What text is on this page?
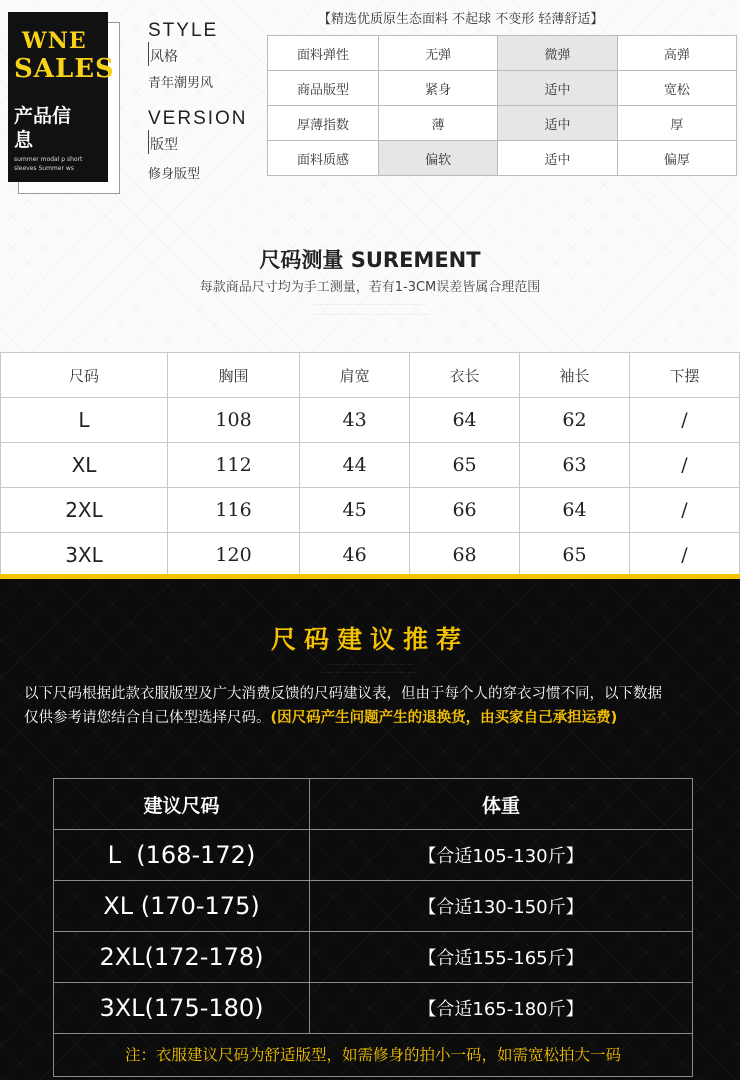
WNE
SALES
产品信息
summer modal p short sleeves Summer ws
STYLE
风格
青年潮男风
VERSION
版型
修身版型
【精选优质原生态面料 不起球 不变形 轻薄舒适】
面料弹性	无弹	微弹	高弹
商品版型	紧身	适中	宽松
厚薄指数	薄	适中	厚
面料质感	偏软	适中	偏厚
尺码测量 SUREMENT
每款商品尺寸均为手工测量，若有1-3CM误差皆属合理范围
· · · · · · · · · · · · · · · · · · · · · · · · · · · · · · · · · · · · · · · · · · · ·
· · · · · · · · · · · · · · · · · · · · · · · · · · · · · · · · · · · · · · · · · · · · · · · ·
尺码	胸围	肩宽	衣长	袖长	下摆
L	108	43	64	62	/
XL	112	44	65	63	/
2XL	116	45	66	64	/
3XL	120	46	68	65	/
尺码建议推荐
· · · · · · · · · · · · · · · · · · · · · · · · · · · · · · · · · · ·
· · · · · · · · · · · · · · · · · · · · · · · · · · · · · · · · · · · · · · ·
以下尺码根据此款衣服版型及广大消费反馈的尺码建议表，但由于每个人的穿衣习惯不同，以下数据
仅供参考请您结合自己体型选择尺码。(因尺码产生问题产生的退换货，由买家自己承担运费)
建议尺码	体重
L  (168-172)	【合适105-130斤】
XL (170-175)	【合适130-150斤】
2XL(172-178)	【合适155-165斤】
3XL(175-180)	【合适165-180斤】
注：衣服建议尺码为舒适版型，如需修身的拍小一码，如需宽松拍大一码
